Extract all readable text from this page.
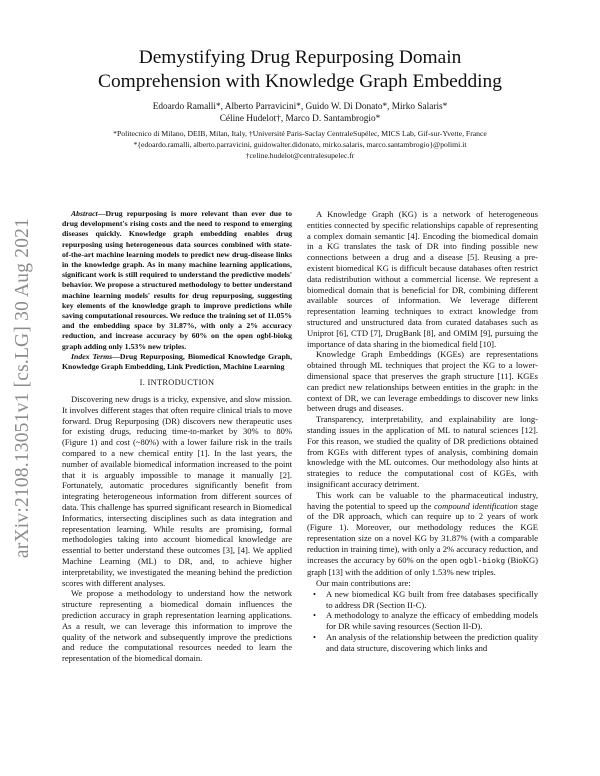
Demystifying Drug Repurposing Domain
Comprehension with Knowledge Graph Embedding
Edoardo Ramalli*, Alberto Parravicini*, Guido W. Di Donato*, Mirko Salaris*
Céline Hudelot†, Marco D. Santambrogio*
*Politecnico di Milano, DEIB, Milan, Italy, †Université Paris-Saclay CentraleSupélec, MICS Lab, Gif-sur-Yvette, France
*{edoardo.ramalli, alberto.parravicini, guidowalter.didonato, mirko.salaris, marco.santambrogio}@polimi.it
†celine.hudelot@centralesupelec.fr
arXiv:2108.13051v1 [cs.LG] 30 Aug 2021

Abstract—Drug repurposing is more relevant than ever due to drug development's rising costs and the need to respond to emerging diseases quickly. Knowledge graph embedding enables drug repurposing using heterogeneous data sources combined with state-of-the-art machine learning models to predict new drug-disease links in the knowledge graph. As in many machine learning applications, significant work is still required to understand the predictive models' behavior. We propose a structured methodology to better understand machine learning models' results for drug repurposing, suggesting key elements of the knowledge graph to improve predictions while saving computational resources. We reduce the training set of 11.05% and the embedding space by 31.87%, with only a 2% accuracy reduction, and increase accuracy by 60% on the open ogbl-biokg graph adding only 1.53% new triples.

Index Terms—Drug Repurposing, Biomedical Knowledge Graph, Knowledge Graph Embedding, Link Prediction, Machine Learning

I. INTRODUCTION

Discovering new drugs is a tricky, expensive, and slow mission. It involves different stages that often require clinical trials to move forward. Drug Repurposing (DR) discovers new therapeutic uses for existing drugs, reducing time-to-market by 30% to 80% (Figure 1) and cost (~80%) with a lower failure risk in the trails compared to a new chemical entity [1]. In the last years, the number of available biomedical information increased to the point that it is arguably impossible to manage it manually [2]. Fortunately, automatic procedures significantly benefit from integrating heterogeneous information from different sources of data. This challenge has spurred significant research in Biomedical Informatics, intersecting disciplines such as data integration and representation learning. While results are promising, formal methodologies taking into account biomedical knowledge are essential to better understand these outcomes [3], [4]. We applied Machine Learning (ML) to DR, and, to achieve higher interpretability, we investigated the meaning behind the prediction scores with different analyses.

We propose a methodology to understand how the network structure representing a biomedical domain influences the prediction accuracy in graph representation learning applications. As a result, we can leverage this information to improve the quality of the network and subsequently improve the predictions and reduce the computational resources needed to learn the representation of the biomedical domain.

A Knowledge Graph (KG) is a network of heterogeneous entities connected by specific relationships capable of representing a complex domain semantic [4]. Encoding the biomedical domain in a KG translates the task of DR into finding possible new connections between a drug and a disease [5]. Reusing a pre-existent biomedical KG is difficult because databases often restrict data redistribution without a commercial license. We represent a biomedical domain that is beneficial for DR, combining different available sources of information. We leverage different representation learning techniques to extract knowledge from structured and unstructured data from curated databases such as Uniprot [6], CTD [7], DrugBank [8], and OMIM [9], pursuing the importance of data sharing in the biomedical field [10].

Knowledge Graph Embeddings (KGEs) are representations obtained through ML techniques that project the KG to a lower-dimensional space that preserves the graph structure [11]. KGEs can predict new relationships between entities in the graph: in the context of DR, we can leverage embeddings to discover new links between drugs and diseases.

Transparency, interpretability, and explainability are long-standing issues in the application of ML to natural sciences [12]. For this reason, we studied the quality of DR predictions obtained from KGEs with different types of analysis, combining domain knowledge with the ML outcomes. Our methodology also hints at strategies to reduce the computational cost of KGEs, with insignificant accuracy detriment.

This work can be valuable to the pharmaceutical industry, having the potential to speed up the compound identification stage of the DR approach, which can require up to 2 years of work (Figure 1). Moreover, our methodology reduces the KGE representation size on a novel KG by 31.87% (with a comparable reduction in training time), with only a 2% accuracy reduction, and increases the accuracy by 60% on the open ogbl-biokg (BioKG) graph [13] with the addition of only 1.53% new triples.

Our main contributions are:

• A new biomedical KG built from free databases specifically to address DR (Section II-C).
• A methodology to analyze the efficacy of embedding models for DR while saving resources (Section II-D).
• An analysis of the relationship between the prediction quality and data structure, discovering which links and
